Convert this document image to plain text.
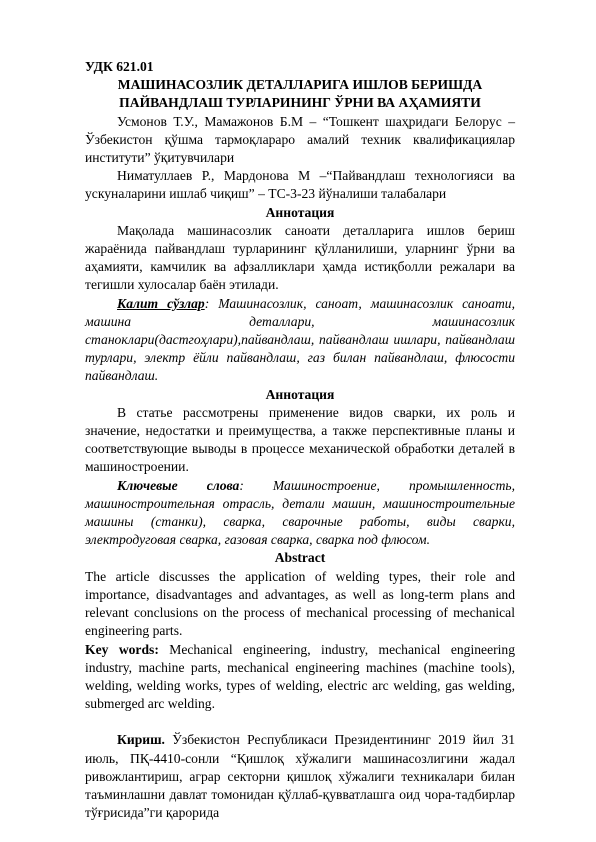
УДК 621.01

МАШИНАСОЗЛИК ДЕТАЛЛАРИГА ИШЛОВ БЕРИШДА

ПАЙВАНДЛАШ ТУРЛАРИНИНГ ЎРНИ ВА АҲАМИЯТИ

Усмонов Т.У., Мамажонов Б.М – “Тошкент шаҳридаги Белорус – Ўзбекистон қўшма тармоқлараро амалий техник квалификациялар институти” ўқитувчилари

Ниматуллаев Р., Мардонова М –“Пайвандлаш технологияси ва ускуналарини ишлаб чиқиш” – ТС-3-23 йўналиши талабалари

Аннотация

Мақолада машинасозлик саноати деталларига ишлов бериш жараёнида пайвандлаш турларининг қўлланилиши, уларнинг ўрни ва аҳамияти, камчилик ва афзалликлари ҳамда истиқболли режалари ва тегишли хулосалар баён этилади.

Калит сўзлар: Машинасозлик, саноат, машинасозлик саноати, машина деталлари, машинасозлик станоклари(дастгоҳлари),пайвандлаш, пайвандлаш ишлари, пайвандлаш турлари, электр ёйли пайвандлаш, газ билан пайвандлаш, флюсости пайвандлаш.

Аннотация

В статье рассмотрены применение видов сварки, их роль и значение, недостатки и преимущества, а также перспективные планы и соответствующие выводы в процессе механической обработки деталей в машиностроении.

Ключевые слова: Машиностроение, промышленность, машиностроительная отрасль, детали машин, машиностроительные машины (станки), сварка, сварочные работы, виды сварки, электродуговая сварка, газовая сварка, сварка под флюсом.

Abstract

The article discusses the application of welding types, their role and importance, disadvantages and advantages, as well as long-term plans and relevant conclusions on the process of mechanical processing of mechanical engineering parts.

Key words: Mechanical engineering, industry, mechanical engineering industry, machine parts, mechanical engineering machines (machine tools), welding, welding works, types of welding, electric arc welding, gas welding, submerged arc welding.

Кириш. Ўзбекистон Республикаси Президентининг 2019 йил 31 июль, ПҚ-4410-сонли “Қишлоқ хўжалиги машинасозлигини жадал ривожлантириш, аграр секторни қишлоқ хўжалиги техникалари билан таъминлашни давлат томонидан қўллаб-қувватлашга оид чора-тадбирлар тўғрисида”ги қарорида
